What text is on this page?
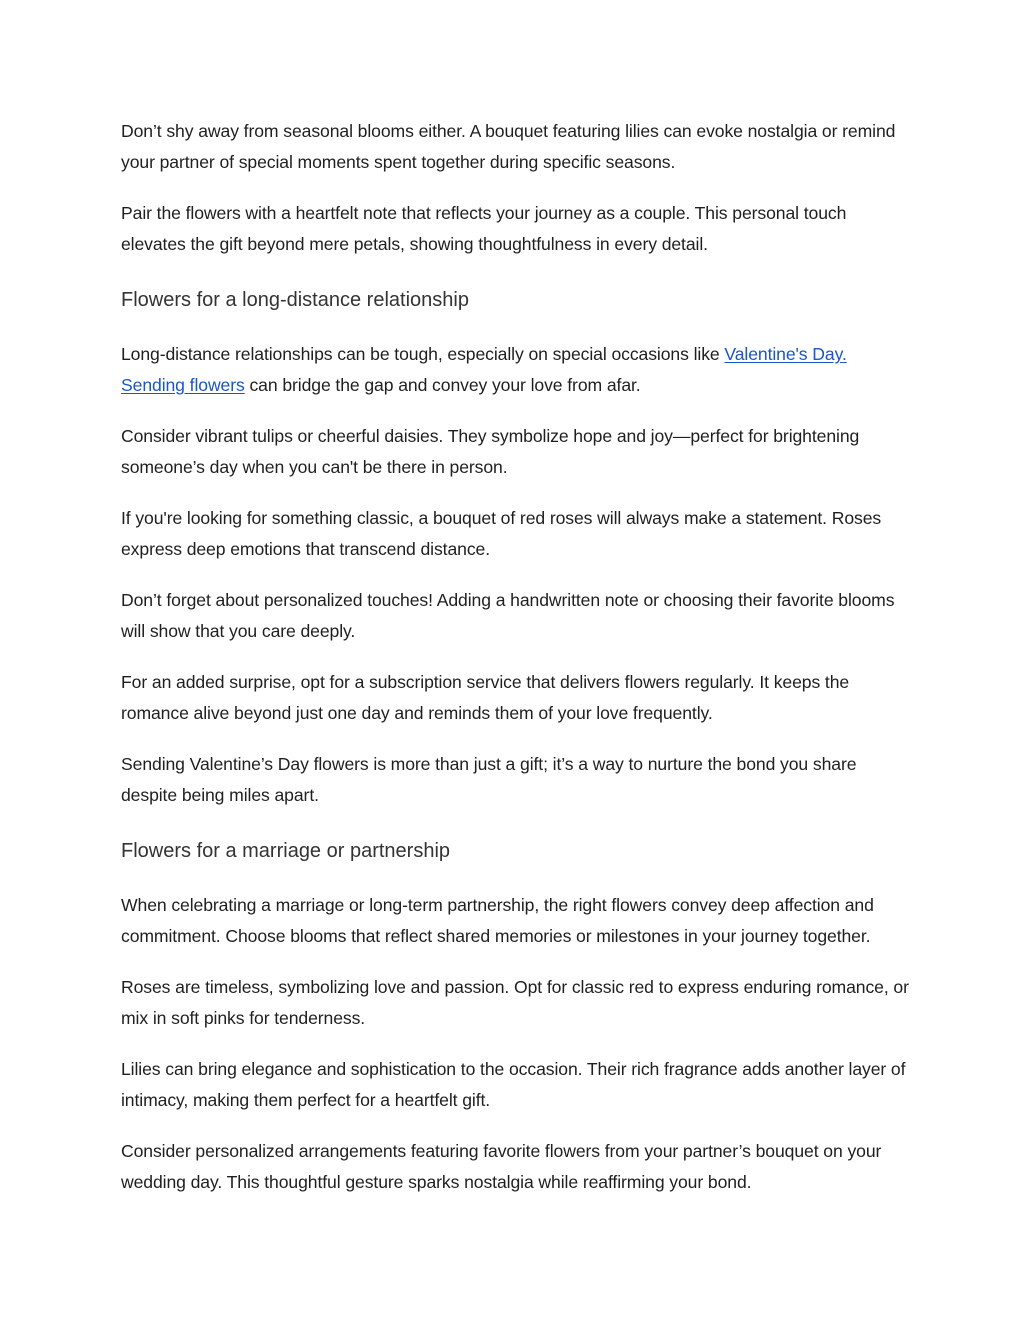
Don’t shy away from seasonal blooms either. A bouquet featuring lilies can evoke nostalgia or remind your partner of special moments spent together during specific seasons.

Pair the flowers with a heartfelt note that reflects your journey as a couple. This personal touch elevates the gift beyond mere petals, showing thoughtfulness in every detail.

Flowers for a long-distance relationship

Long-distance relationships can be tough, especially on special occasions like Valentine's Day. Sending flowers can bridge the gap and convey your love from afar.

Consider vibrant tulips or cheerful daisies. They symbolize hope and joy—perfect for brightening someone’s day when you can't be there in person.

If you're looking for something classic, a bouquet of red roses will always make a statement. Roses express deep emotions that transcend distance.

Don’t forget about personalized touches! Adding a handwritten note or choosing their favorite blooms will show that you care deeply.

For an added surprise, opt for a subscription service that delivers flowers regularly. It keeps the romance alive beyond just one day and reminds them of your love frequently.

Sending Valentine’s Day flowers is more than just a gift; it’s a way to nurture the bond you share despite being miles apart.

Flowers for a marriage or partnership

When celebrating a marriage or long-term partnership, the right flowers convey deep affection and commitment. Choose blooms that reflect shared memories or milestones in your journey together.

Roses are timeless, symbolizing love and passion. Opt for classic red to express enduring romance, or mix in soft pinks for tenderness.

Lilies can bring elegance and sophistication to the occasion. Their rich fragrance adds another layer of intimacy, making them perfect for a heartfelt gift.

Consider personalized arrangements featuring favorite flowers from your partner’s bouquet on your wedding day. This thoughtful gesture sparks nostalgia while reaffirming your bond.
